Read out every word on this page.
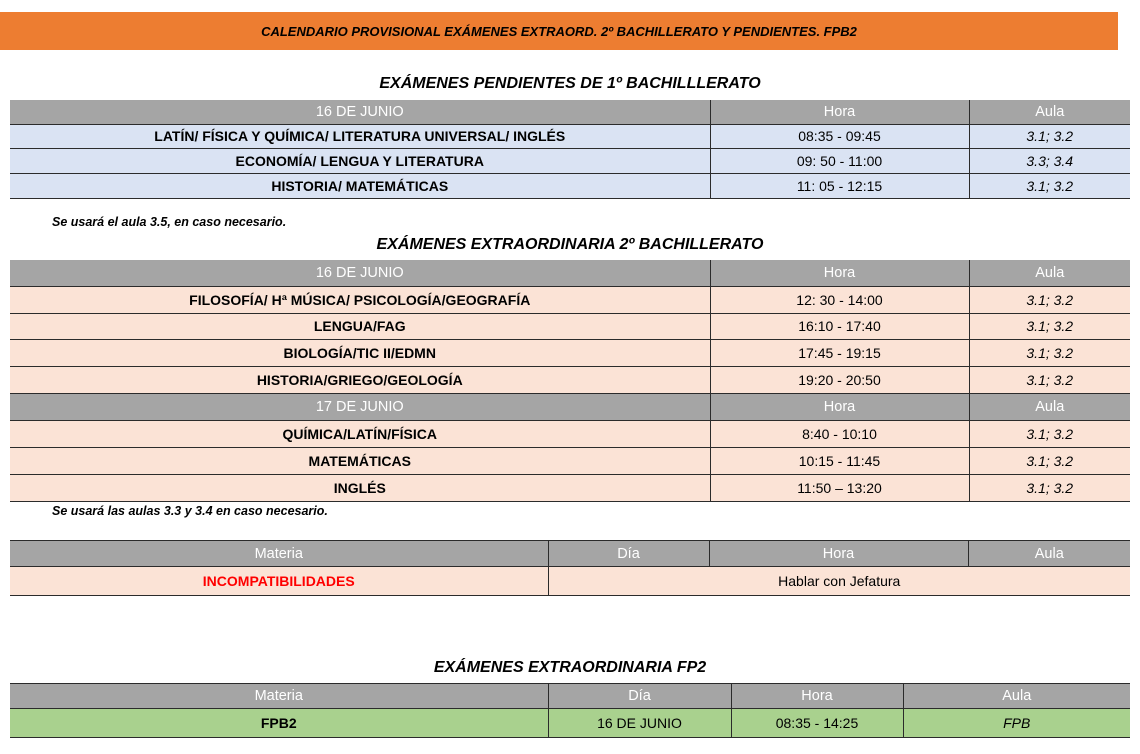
CALENDARIO PROVISIONAL EXÁMENES EXTRAORD. 2º BACHILLERATO Y PENDIENTES. FPB2
EXÁMENES PENDIENTES DE 1º BACHILLLERATO
16 DE JUNIO	Hora	Aula
LATÍN/ FÍSICA Y QUÍMICA/ LITERATURA UNIVERSAL/ INGLÉS	08:35 - 09:45	3.1; 3.2
ECONOMÍA/ LENGUA Y LITERATURA	09: 50 - 11:00	3.3; 3.4
HISTORIA/ MATEMÁTICAS	11: 05 - 12:15	3.1; 3.2
Se usará el aula 3.5, en caso necesario.
EXÁMENES EXTRAORDINARIA 2º BACHILLERATO
16 DE JUNIO	Hora	Aula
FILOSOFÍA/ Hª MÚSICA/ PSICOLOGÍA/GEOGRAFÍA	12: 30 - 14:00	3.1; 3.2
LENGUA/FAG	16:10 - 17:40	3.1; 3.2
BIOLOGÍA/TIC II/EDMN	17:45 - 19:15	3.1; 3.2
HISTORIA/GRIEGO/GEOLOGÍA	19:20 - 20:50	3.1; 3.2
17 DE JUNIO	Hora	Aula
QUÍMICA/LATÍN/FÍSICA	8:40 - 10:10	3.1; 3.2
MATEMÁTICAS	10:15 - 11:45	3.1; 3.2
INGLÉS	11:50 – 13:20	3.1; 3.2
Se usará las aulas 3.3 y 3.4 en caso necesario.
Materia	Día	Hora	Aula
INCOMPATIBILIDADES	Hablar con Jefatura		
EXÁMENES EXTRAORDINARIA FP2
Materia	Día	Hora	Aula
FPB2	16 DE JUNIO	08:35 - 14:25	FPB
